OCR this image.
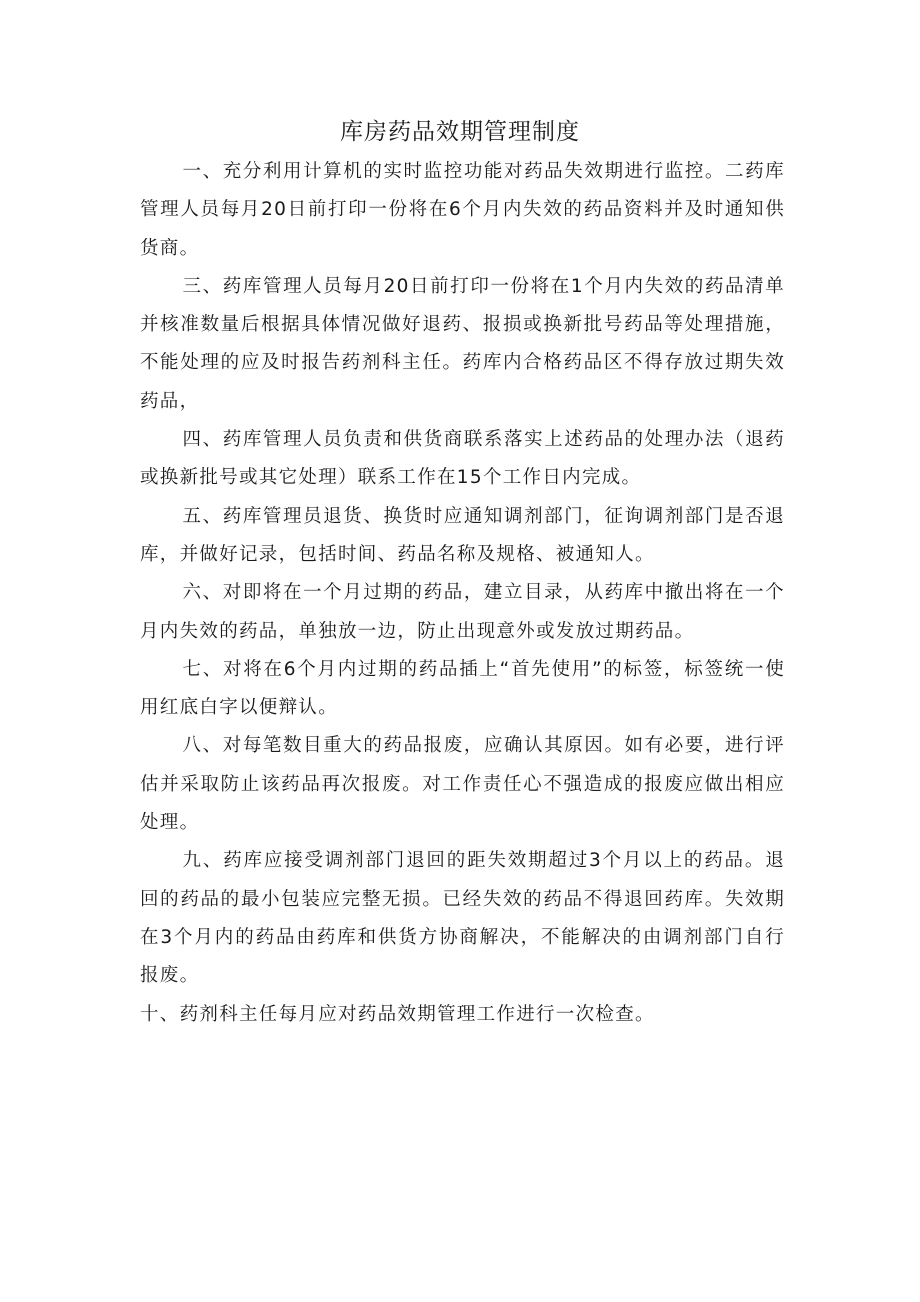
库房药品效期管理制度

一、充分利用计算机的实时监控功能对药品失效期进行监控。二药库管理人员每月20日前打印一份将在6个月内失效的药品资料并及时通知供货商。

三、药库管理人员每月20日前打印一份将在1个月内失效的药品清单并核准数量后根据具体情况做好退药、报损或换新批号药品等处理措施，不能处理的应及时报告药剂科主任。药库内合格药品区不得存放过期失效药品，

四、药库管理人员负责和供货商联系落实上述药品的处理办法（退药或换新批号或其它处理）联系工作在15个工作日内完成。

五、药库管理员退货、换货时应通知调剂部门，征询调剂部门是否退库，并做好记录，包括时间、药品名称及规格、被通知人。

六、对即将在一个月过期的药品，建立目录，从药库中撤出将在一个月内失效的药品，单独放一边，防止出现意外或发放过期药品。

七、对将在6个月内过期的药品插上“首先使用”的标签，标签统一使用红底白字以便辩认。

八、对每笔数目重大的药品报废，应确认其原因。如有必要，进行评估并采取防止该药品再次报废。对工作责任心不强造成的报废应做出相应处理。

九、药库应接受调剂部门退回的距失效期超过3个月以上的药品。退回的药品的最小包装应完整无损。已经失效的药品不得退回药库。失效期在3个月内的药品由药库和供货方协商解决，不能解决的由调剂部门自行报废。

十、药剂科主任每月应对药品效期管理工作进行一次检查。
